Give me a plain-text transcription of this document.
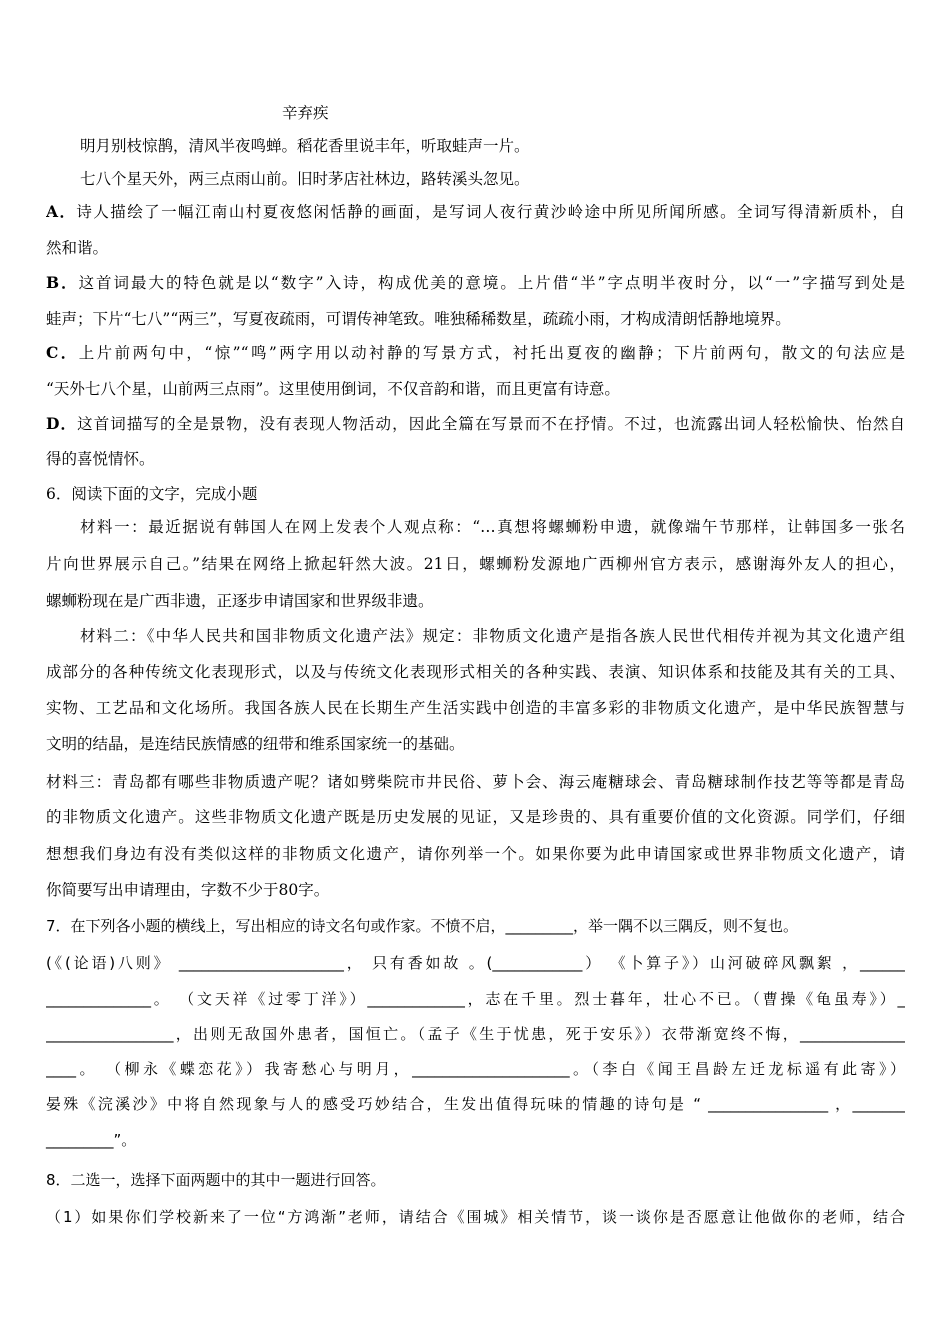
辛弃疾
明月别枝惊鹊，清风半夜鸣蝉。稻花香里说丰年，听取蛙声一片。
七八个星天外，两三点雨山前。旧时茅店社林边，路转溪头忽见。
A．诗人描绘了一幅江南山村夏夜悠闲恬静的画面，是写词人夜行黄沙岭途中所见所闻所感。全词写得清新质朴，自
然和谐。
B．这首词最大的特色就是以“数字”入诗，构成优美的意境。上片借“半”字点明半夜时分，以“一”字描写到处是
蛙声；下片“七八”“两三”，写夏夜疏雨，可谓传神笔致。唯独稀稀数星，疏疏小雨，才构成清朗恬静地境界。
C．上片前两句中，“惊”“鸣”两字用以动衬静的写景方式，衬托出夏夜的幽静；下片前两句，散文的句法应是
“天外七八个星，山前两三点雨”。这里使用倒词，不仅音韵和谐，而且更富有诗意。
D．这首词描写的全是景物，没有表现人物活动，因此全篇在写景而不在抒情。不过，也流露出词人轻松愉快、怡然自
得的喜悦情怀。
6．阅读下面的文字，完成小题
材料一：最近据说有韩国人在网上发表个人观点称：“…真想将螺蛳粉申遗，就像端午节那样，让韩国多一张名
片向世界展示自己。”结果在网络上掀起轩然大波。21日，螺蛳粉发源地广西柳州官方表示，感谢海外友人的担心，
螺蛳粉现在是广西非遗，正逐步申请国家和世界级非遗。
材料二：《中华人民共和国非物质文化遗产法》规定：非物质文化遗产是指各族人民世代相传并视为其文化遗产组
成部分的各种传统文化表现形式，以及与传统文化表现形式相关的各种实践、表演、知识体系和技能及其有关的工具、
实物、工艺品和文化场所。我国各族人民在长期生产生活实践中创造的丰富多彩的非物质文化遗产，是中华民族智慧与
文明的结晶，是连结民族情感的纽带和维系国家统一的基础。
材料三：青岛都有哪些非物质遗产呢？诸如劈柴院市井民俗、萝卜会、海云庵糖球会、青岛糖球制作技艺等等都是青岛
的非物质文化遗产。这些非物质文化遗产既是历史发展的见证，又是珍贵的、具有重要价值的文化资源。同学们，仔细
想想我们身边有没有类似这样的非物质文化遗产，请你列举一个。如果你要为此申请国家或世界非物质文化遗产，请
你简要写出申请理由，字数不少于80字。
7．在下列各小题的横线上，写出相应的诗文名句或作家。不愤不启，_________，举一隅不以三隅反，则不复也。
(《(论语)八则》 ______________________， 只有香如故 。(____________） 《卜算子》）山河破碎风飘絮 ，______
______________。 （文天祥《过零丁洋》）_____________，志在千里。烈士暮年，壮心不已。（曹操《龟虽寿》）_
_________________，出则无敌国外患者，国恒亡。（孟子《生于忧患，死于安乐》）衣带渐宽终不悔，______________
____。 （柳永《蝶恋花》）我寄愁心与明月，_____________________。（李白《闻王昌龄左迁龙标遥有此寄》）
晏殊《浣溪沙》中将自然现象与人的感受巧妙结合，生发出值得玩味的情趣的诗句是 “ ________________ ，_______
_________”。
8．二选一，选择下面两题中的其中一题进行回答。
（1）如果你们学校新来了一位“方鸿渐”老师，请结合《围城》相关情节，谈一谈你是否愿意让他做你的老师，结合
